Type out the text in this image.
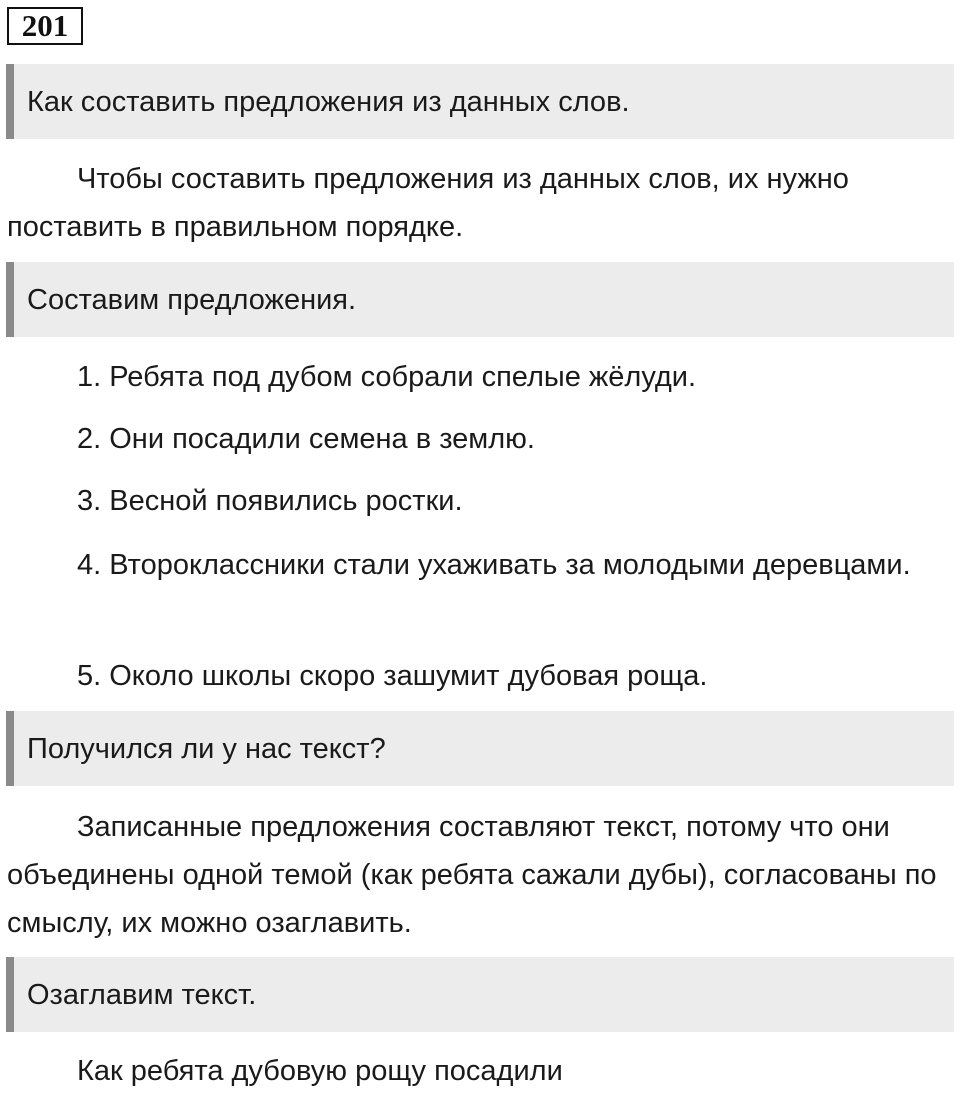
201
Как составить предложения из данных слов.

Чтобы составить предложения из данных слов, их нужно поставить в правильном порядке.

Составим предложения.
1. Ребята под дубом собрали спелые жёлуди.
2. Они посадили семена в землю.
3. Весной появились ростки.

4. Второклассники стали ухаживать за молодыми деревцами.

5. Около школы скоро зашумит дубовая роща.
Получился ли у нас текст?

Записанные предложения составляют текст, потому что они объединены одной темой (как ребята сажали дубы), согласованы по смыслу, их можно озаглавить.

Озаглавим текст.
Как ребята дубовую рощу посадили
